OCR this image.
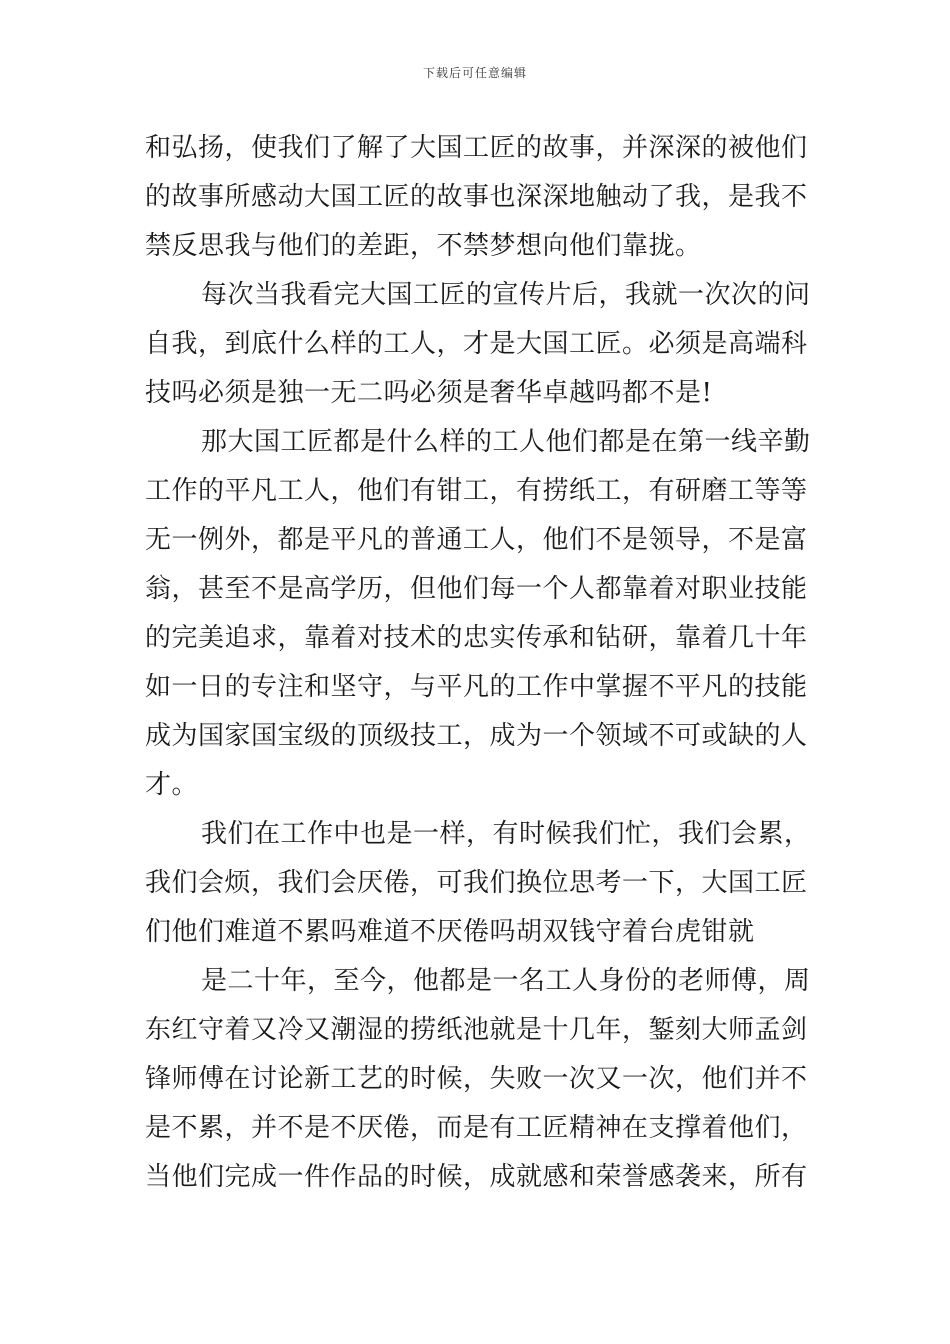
下载后可任意编辑
和弘扬，使我们了解了大国工匠的故事，并深深的被他们
的故事所感动大国工匠的故事也深深地触动了我，是我不
禁反思我与他们的差距，不禁梦想向他们靠拢。
每次当我看完大国工匠的宣传片后，我就一次次的问
自我，到底什么样的工人，才是大国工匠。必须是高端科
技吗必须是独一无二吗必须是奢华卓越吗都不是!
那大国工匠都是什么样的工人他们都是在第一线辛勤
工作的平凡工人，他们有钳工，有捞纸工，有研磨工等等
无一例外，都是平凡的普通工人，他们不是领导，不是富
翁，甚至不是高学历，但他们每一个人都靠着对职业技能
的完美追求，靠着对技术的忠实传承和钻研，靠着几十年
如一日的专注和坚守，与平凡的工作中掌握不平凡的技能
成为国家国宝级的顶级技工，成为一个领域不可或缺的人
才。
我们在工作中也是一样，有时候我们忙，我们会累，
我们会烦，我们会厌倦，可我们换位思考一下，大国工匠
们他们难道不累吗难道不厌倦吗胡双钱守着台虎钳就
是二十年，至今，他都是一名工人身份的老师傅，周
东红守着又冷又潮湿的捞纸池就是十几年，錾刻大师孟剑
锋师傅在讨论新工艺的时候，失败一次又一次，他们并不
是不累，并不是不厌倦，而是有工匠精神在支撑着他们，
当他们完成一件作品的时候，成就感和荣誉感袭来，所有
